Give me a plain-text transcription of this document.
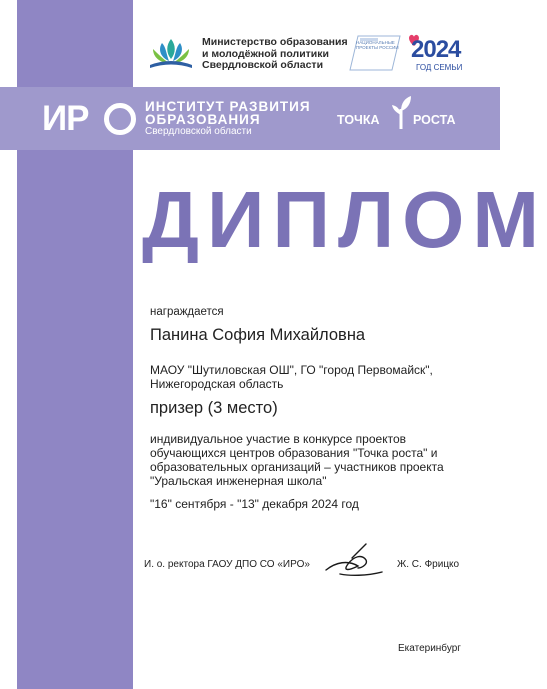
Министерство образования
и молодёжной политики
Свердловской области
НАЦИОНАЛЬНЫЕ ПРОЕКТЫ РОССИИ 2024
ГОД СЕМЬИ
ИР	ИНСТИТУТ РАЗВИТИЯ
ОБРАЗОВАНИЯ
Свердловской области
ТОЧКА	РОСТА
ДИПЛОМ
награждается
Панина София Михайловна
МАОУ "Шутиловская ОШ", ГО "город Первомайск",
Нижегородская область
призер (3 место)
индивидуальное участие в конкурсе проектов
обучающихся центров образования "Точка роста" и
образовательных организаций – участников проекта
"Уральская инженерная школа"
"16" сентября - "13" декабря 2024 год
И. о. ректора ГАОУ ДПО СО «ИРО»	Ж. С. Фрицко
Екатеринбург
